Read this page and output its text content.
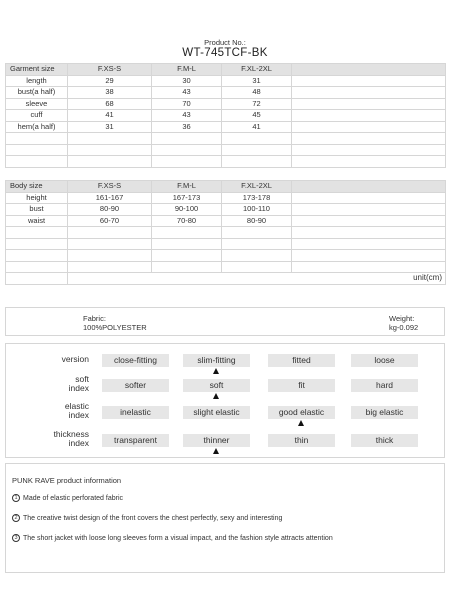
Product No.:
WT-745TCF-BK
Garment size	F.XS-S	F.M-L	F.XL-2XL	
length	29	30	31	
bust(a half)	38	43	48	
sleeve	68	70	72	
cuff	41	43	45	
hem(a half)	31	36	41	

Body size	F.XS-S	F.M-L	F.XL-2XL	
height	161-167	167-173	173-178	
bust	80-90	90-100	100-110	
waist	60-70	70-80	80-90	

	unit(cm)			
Fabric:
100%POLYESTER
Weight:
kg-0.092
version	close-fitting	slim-fitting	fitted	loose
soft
index	softer	soft	fit	hard
elastic
index	inelastic	slight elastic	good elastic	big elastic
thickness
index	transparent	thinner	thin	thick
PUNK RAVE product information
1 Made of elastic perforated fabric
2 The creative twist design of the front covers the chest perfectly, sexy and interesting
3 The short jacket with loose long sleeves form a visual impact, and the fashion style attracts attention
